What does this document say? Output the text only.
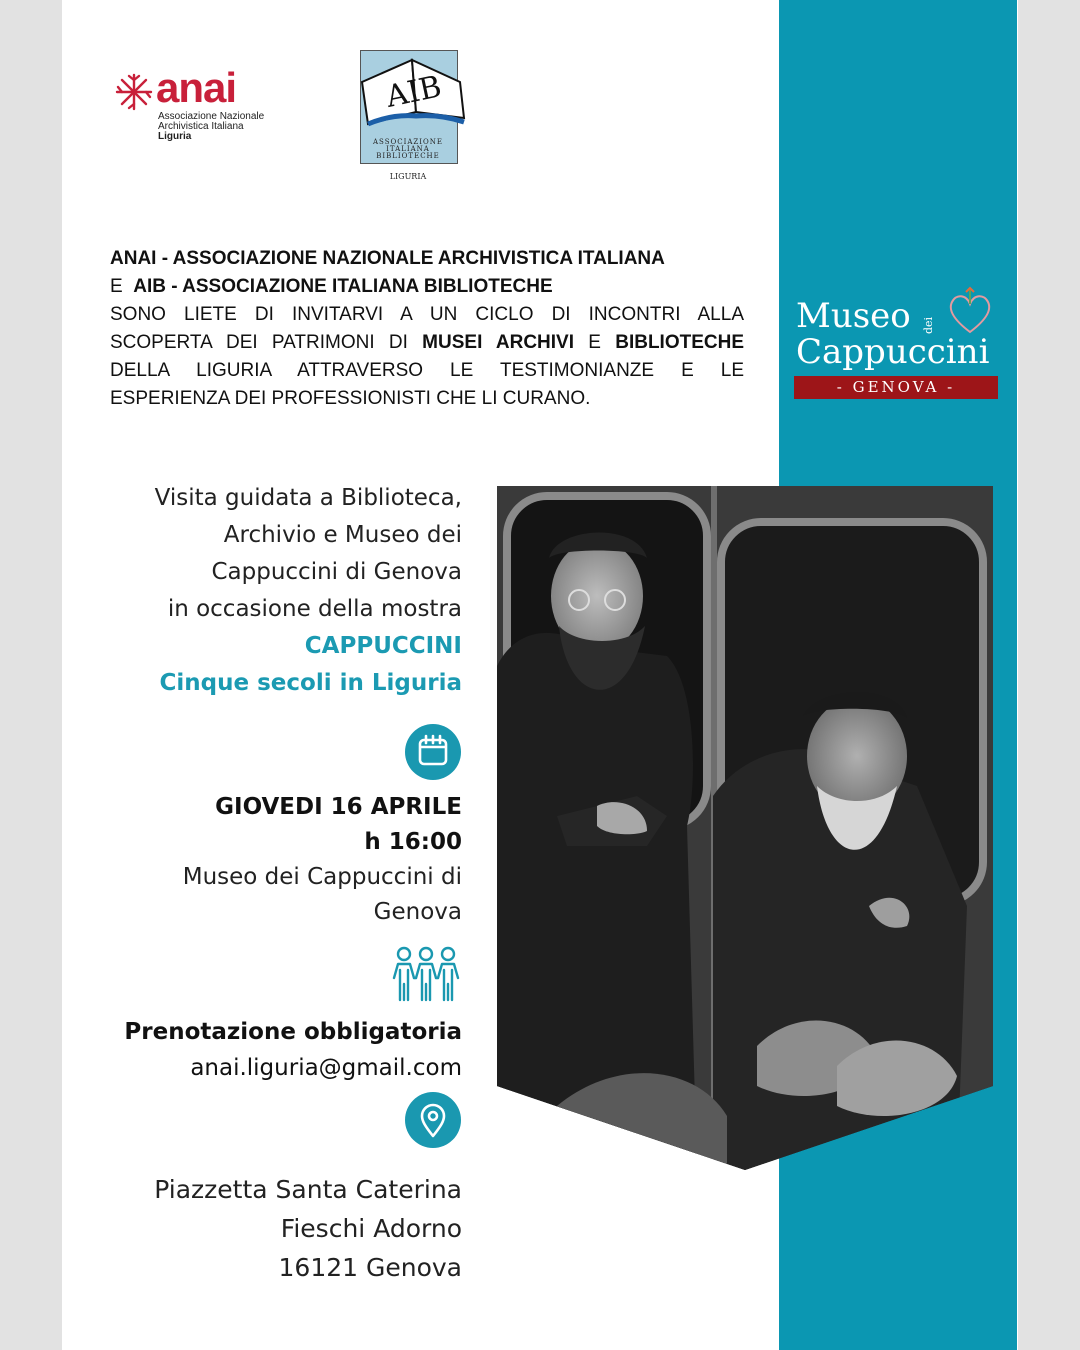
anai
Associazione Nazionale
Archivistica Italiana
Liguria
AIB
ASSOCIAZIONE
ITALIANA
BIBLIOTECHE
LIGURIA
ANAI - ASSOCIAZIONE NAZIONALE ARCHIVISTICA ITALIANA
E  AIB - ASSOCIAZIONE ITALIANA BIBLIOTECHE
SONO LIETE DI INVITARVI A UN CICLO DI INCONTRI ALLA
SCOPERTA DEI PATRIMONI DI MUSEI ARCHIVI E BIBLIOTECHE
DELLA LIGURIA ATTRAVERSO LE TESTIMONIANZE E LE
ESPERIENZA DEI PROFESSIONISTI CHE LI CURANO.
Museo dei
Cappuccini
- GENOVA -
Visita guidata a Biblioteca,
Archivio e Museo dei
Cappuccini di Genova
in occasione della mostra
CAPPUCCINI
Cinque secoli in Liguria
GIOVEDI 16 APRILE
h 16:00
Museo dei Cappuccini di
Genova
Prenotazione obbligatoria
anai.liguria@gmail.com
Piazzetta Santa Caterina
Fieschi Adorno
16121 Genova
